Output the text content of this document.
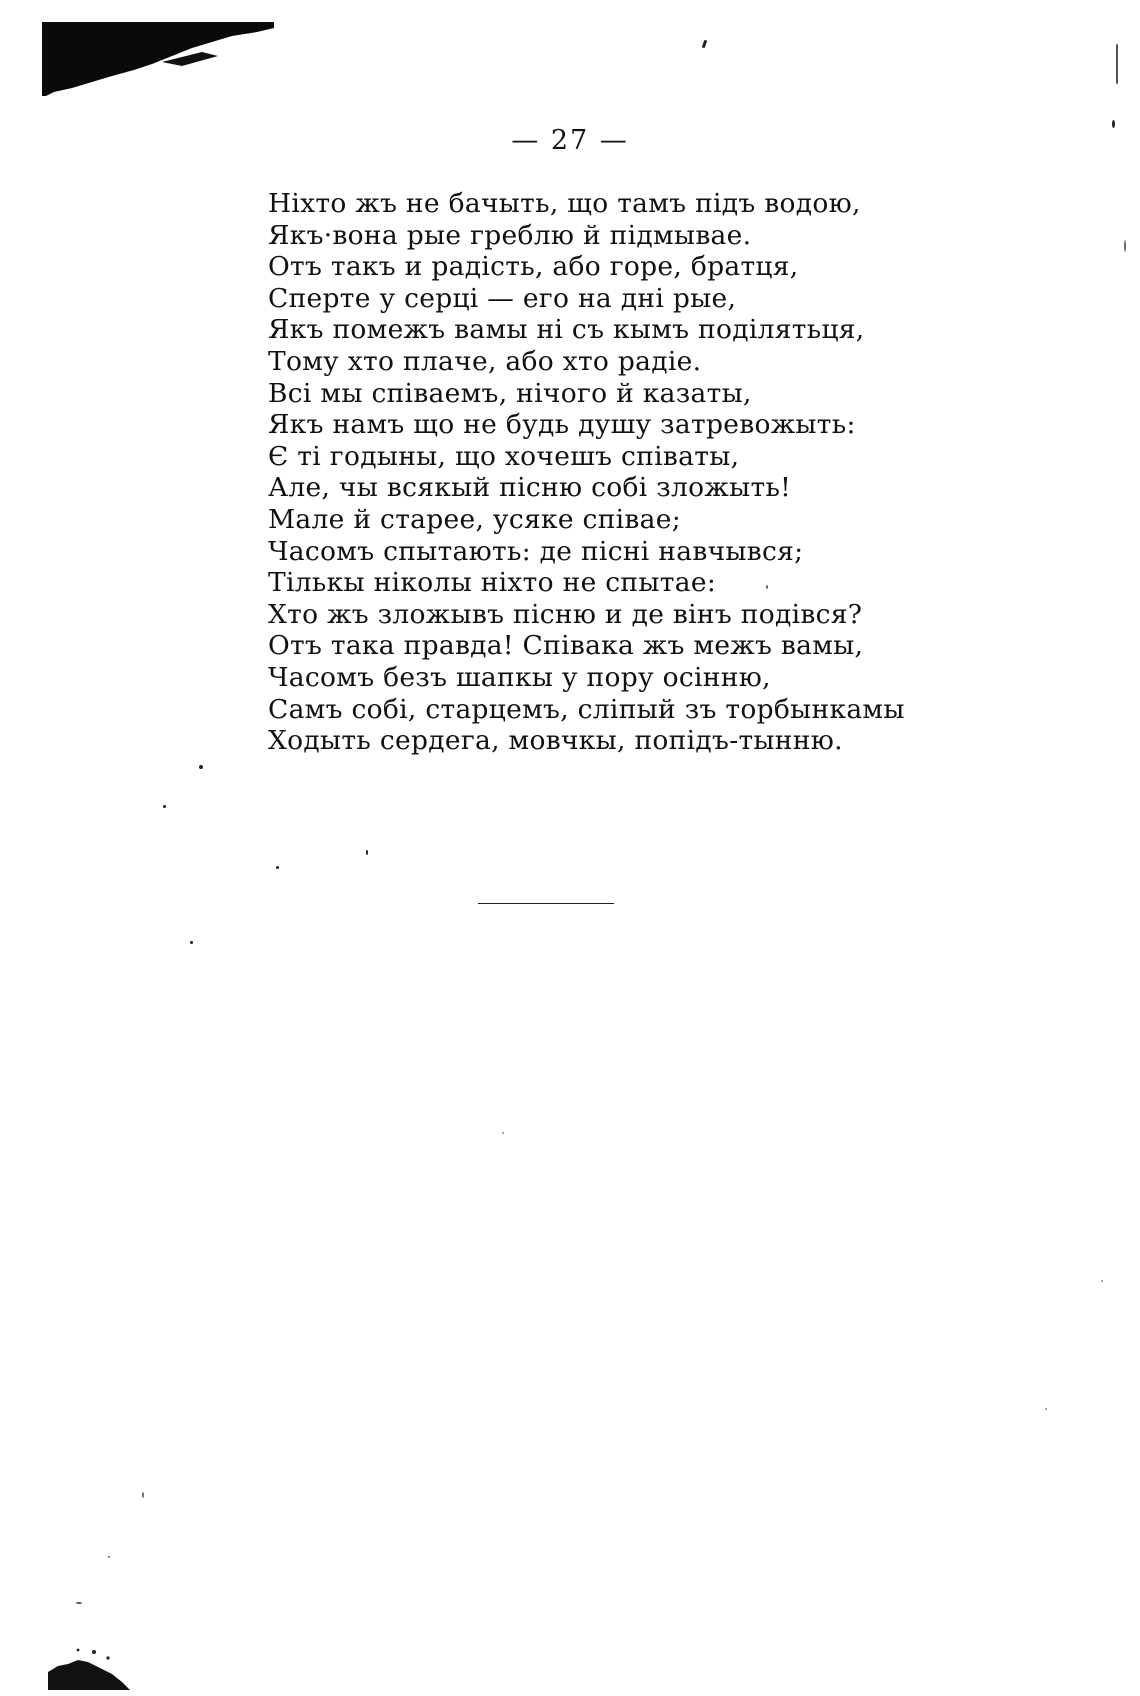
— 27 —
Ніхто жъ не бачыть, що тамъ підъ водою,
Якъ·вона рые греблю й підмывае.
Отъ такъ и радість, або горе, братця,
Сперте у серці — его на дні рые,
Якъ помежъ вамы ні съ кымъ поділятьця,
Тому хто плаче, або хто радіе.
Всі мы співаемъ, нічого й казаты,
Якъ намъ що не будь душу затревожыть:
Є ті годыны, що хочешъ співаты,
Але, чы всякый пісню собі зложыть!
Мале й старее, усяке співае;
Часомъ спытають: де пісні навчывся;
Тількы ніколы ніхто не спытае:
Хто жъ зложывъ пісню и де вінъ подівся?
Отъ така правда! Співака жъ межъ вамы,
Часомъ безъ шапкы у пору осінню,
Самъ собі, старцемъ, сліпый зъ торбынкамы
Ходыть сердега, мовчкы, попідъ-тынню.
